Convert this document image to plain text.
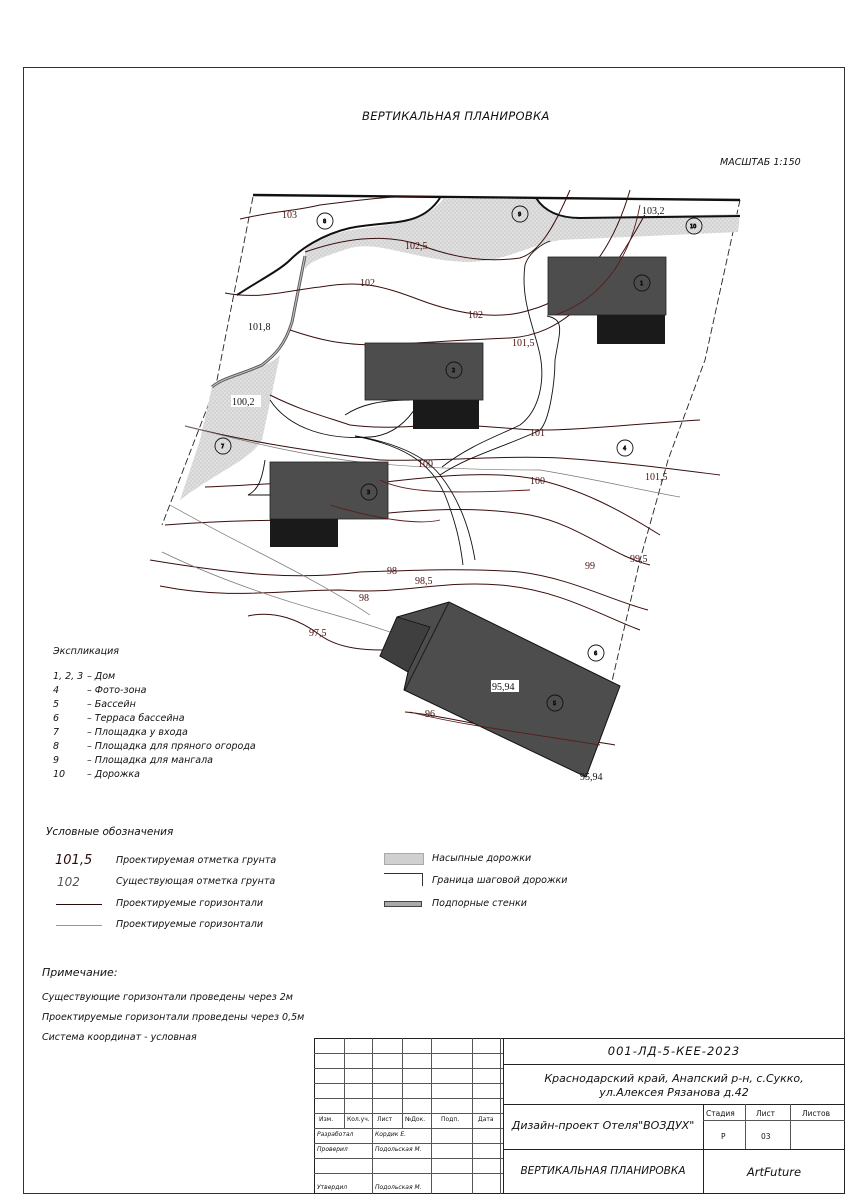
ВЕРТИКАЛЬНАЯ ПЛАНИРОВКА
МАСШТАБ 1:150
103	103,2
102,5
102
102
101,8
101,5
100,2
101
100
100	101,5
99
99,5
98
98,5
98
97,5
96
95,94
95,94
1
2
3
4
5
6
7
8
9
10
Экспликация
1, 2, 3 – Дом
4	– Фото-зона
5	– Бассейн
6	– Терраса бассейна
7	– Площадка у входа
8	– Площадка для пряного огорода
9	– Площадка для мангала
10	– Дорожка
Условные обозначения
101,5	Проектируемая отметка грунта
102	Существующая отметка грунта
Проектируемые горизонтали
Проектируемые горизонтали
Насыпные дорожки
Граница шаговой дорожки
Подпорные стенки
Примечание:
Существующие горизонтали проведены через 2м
Проектируемые горизонтали проведены через 0,5м
Система координат - условная
Изм. Кол.уч. Лист №Док.	Подп.	Дата
Разработал	Кордик Е.
Проверил	Подольская М.
Утвердил	Подольская М.
001-ЛД-5-КЕЕ-2023
Краснодарский край, Анапский р-н, с.Сукко,
ул.Алексея Рязанова д.42
Дизайн-проект Отеля"ВОЗДУХ"
ВЕРТИКАЛЬНАЯ ПЛАНИРОВКА	ArtFuture
Стадия	Лист	Листов
Р	03
